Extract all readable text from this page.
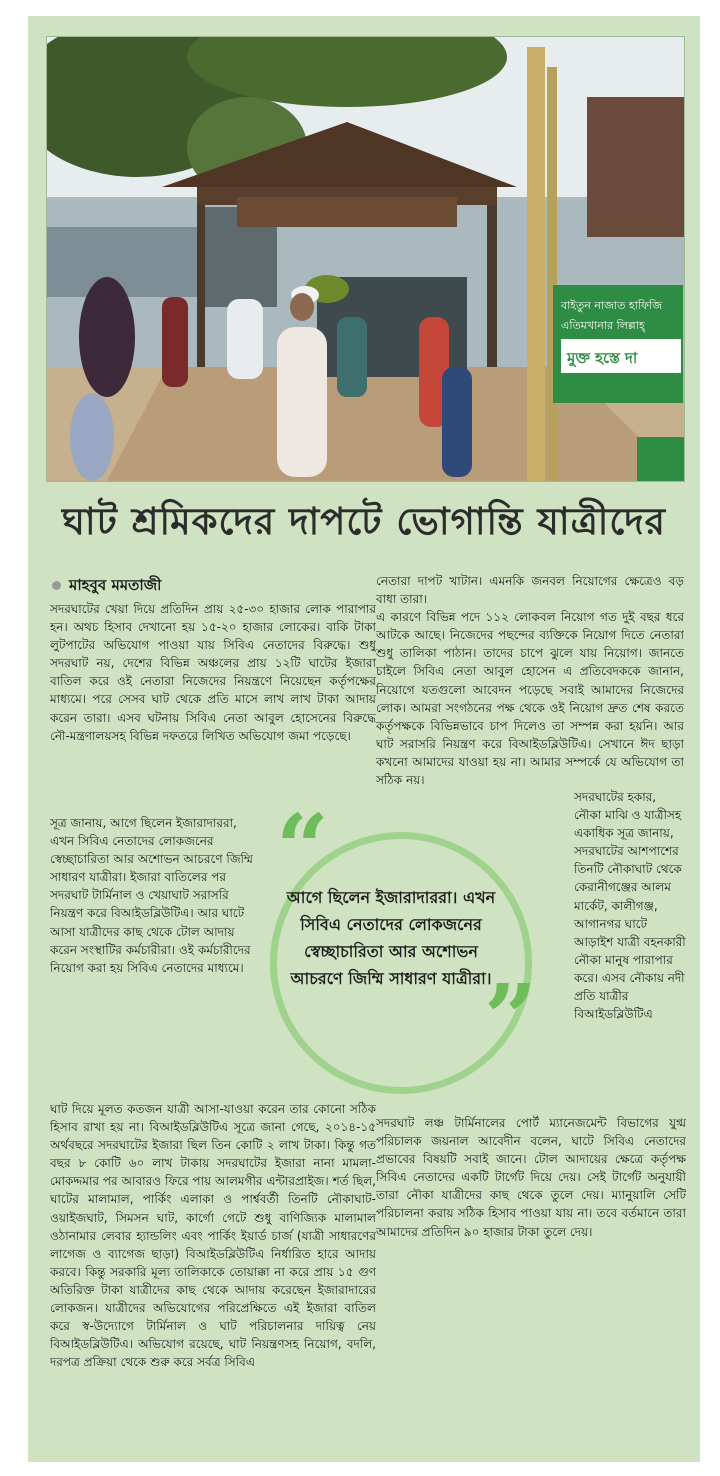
বাইতুন নাজাত হাফিজি
এতিমখানার লিল্লাহ্
মুক্ত হস্তে দা
ঘাট শ্রমিকদের দাপটে ভোগান্তি যাত্রীদের
মাহবুব মমতাজী
সদরঘাটের খেয়া দিয়ে প্রতিদিন প্রায় ২৫-৩০ হাজার লোক পারাপার হন। অথচ হিসাব দেখানো হয় ১৫-২০ হাজার লোকের। বাকি টাকা লুটপাটের অভিযোগ পাওয়া যায় সিবিএ নেতাদের বিরুদ্ধে। শুধু সদরঘাট নয়, দেশের বিভিন্ন অঞ্চলের প্রায় ১২টি ঘাটের ইজারা বাতিল করে ওই নেতারা নিজেদের নিয়ন্ত্রণে নিয়েছেন কর্তৃপক্ষের মাধ্যমে। পরে সেসব ঘাট থেকে প্রতি মাসে লাখ লাখ টাকা আদায় করেন তারা। এসব ঘটনায় সিবিএ নেতা আবুল হোসেনের বিরুদ্ধে নৌ-মন্ত্রণালয়সহ বিভিন্ন দফতরে লিখিত অভিযোগ জমা পড়েছে।
সূত্র জানায়, আগে ছিলেন ইজারাদাররা, এখন সিবিএ নেতাদের লোকজনের স্বেচ্ছাচারিতা আর অশোভন আচরণে জিম্মি সাধারণ যাত্রীরা। ইজারা বাতিলের পর সদরঘাট টার্মিনাল ও খেয়াঘাট সরাসরি নিয়ন্ত্রণ করে বিআইডব্লিউটিএ। আর ঘাটে আসা যাত্রীদের কাছ থেকে টোল আদায় করেন সংস্থাটির কর্মচারীরা। ওই কর্মচারীদের নিয়োগ করা হয় সিবিএ নেতাদের মাধ্যমে।
ঘাট দিয়ে মূলত কতজন যাত্রী আসা-যাওয়া করেন তার কোনো সঠিক হিসাব রাখা হয় না। বিআইডব্লিউটিএ সূত্রে জানা গেছে, ২০১৪-১৫ অর্থবছরে সদরঘাটের ইজারা ছিল তিন কোটি ২ লাখ টাকা। কিন্তু গত বছর ৮ কোটি ৬০ লাখ টাকায় সদরঘাটের ইজারা নানা মামলা-মোকদ্দমার পর আবারও ফিরে পায় আলমগীর এন্টারপ্রাইজ। শর্ত ছিল, ঘাটের মালামাল, পার্কিং এলাকা ও পার্শ্ববর্তী তিনটি নৌকাঘাট-ওয়াইজঘাট, সিমসন ঘাট, কার্গো গেটে শুধু বাণিজ্যিক মালামাল ওঠানামার লেবার হ্যান্ডলিং এবং পার্কিং ইয়ার্ড চার্জ (যাত্রী সাধারণের লাগেজ ও ব্যাগেজ ছাড়া) বিআইডব্লিউটিএ নির্ধারিত হারে আদায় করবে। কিন্তু সরকারি মূল্য তালিকাকে তোয়াক্কা না করে প্রায় ১৫ গুণ অতিরিক্ত টাকা যাত্রীদের কাছ থেকে আদায় করেছেন ইজারাদারের লোকজন। যাত্রীদের অভিযোগের পরিপ্রেক্ষিতে এই ইজারা বাতিল করে স্ব-উদ্যোগে টার্মিনাল ও ঘাট পরিচালনার দায়িত্ব নেয় বিআইডব্লিউটিএ। অভিযোগ রয়েছে, ঘাট নিয়ন্ত্রণসহ নিয়োগ, বদলি, দরপত্র প্রক্রিয়া থেকে শুরু করে সর্বত্র সিবিএ
নেতারা দাপট খাটান। এমনকি জনবল নিয়োগের ক্ষেত্রেও বড় বাধা তারা।
এ কারণে বিভিন্ন পদে ১১২ লোকবল নিয়োগ গত দুই বছর ধরে আটকে আছে। নিজেদের পছন্দের ব্যক্তিকে নিয়োগ দিতে নেতারা শুধু তালিকা পাঠান। তাদের চাপে ঝুলে যায় নিয়োগ। জানতে চাইলে সিবিএ নেতা আবুল হোসেন এ প্রতিবেদককে জানান, নিয়োগে যতগুলো আবেদন পড়েছে সবাই আমাদের নিজেদের লোক। আমরা সংগঠনের পক্ষ থেকে ওই নিয়োগ দ্রুত শেষ করতে কর্তৃপক্ষকে বিভিন্নভাবে চাপ দিলেও তা সম্পন্ন করা হয়নি। আর ঘাট সরাসরি নিয়ন্ত্রণ করে বিআইডব্লিউটিএ। সেখানে ঈদ ছাড়া কখনো আমাদের যাওয়া হয় না। আমার সম্পর্কে যে অভিযোগ তা সঠিক নয়।
সদরঘাটের হকার, নৌকা মাঝি ও যাত্রীসহ একাধিক সূত্র জানায়, সদরঘাটের আশপাশের তিনটি নৌকাঘাট থেকে কেরানীগঞ্জের আলম মার্কেট, কালীগঞ্জ, আগানগর ঘাটে আড়াইশ যাত্রী বহনকারী নৌকা মানুষ পারাপার করে। এসব নৌকায় নদী প্রতি যাত্রীর বিআইডব্লিউটিএ
সদরঘাট লঞ্চ টার্মিনালের পোর্ট ম্যানেজমেন্ট বিভাগের যুগ্ম পরিচালক জয়নাল আবেদীন বলেন, ঘাটে সিবিএ নেতাদের প্রভাবের বিষয়টি সবাই জানে। টোল আদায়ের ক্ষেত্রে কর্তৃপক্ষ সিবিএ নেতাদের একটি টার্গেট দিয়ে দেয়। সেই টার্গেট অনুযায়ী তারা নৌকা যাত্রীদের কাছ থেকে তুলে দেয়। ম্যানুয়ালি সেটি পরিচালনা করায় সঠিক হিসাব পাওয়া যায় না। তবে বর্তমানে তারা আমাদের প্রতিদিন ৯০ হাজার টাকা তুলে দেয়।
“
আগে ছিলেন ইজারাদাররা। এখন সিবিএ নেতাদের লোকজনের স্বেচ্ছাচারিতা আর অশোভন আচরণে জিম্মি সাধারণ যাত্রীরা।
”
